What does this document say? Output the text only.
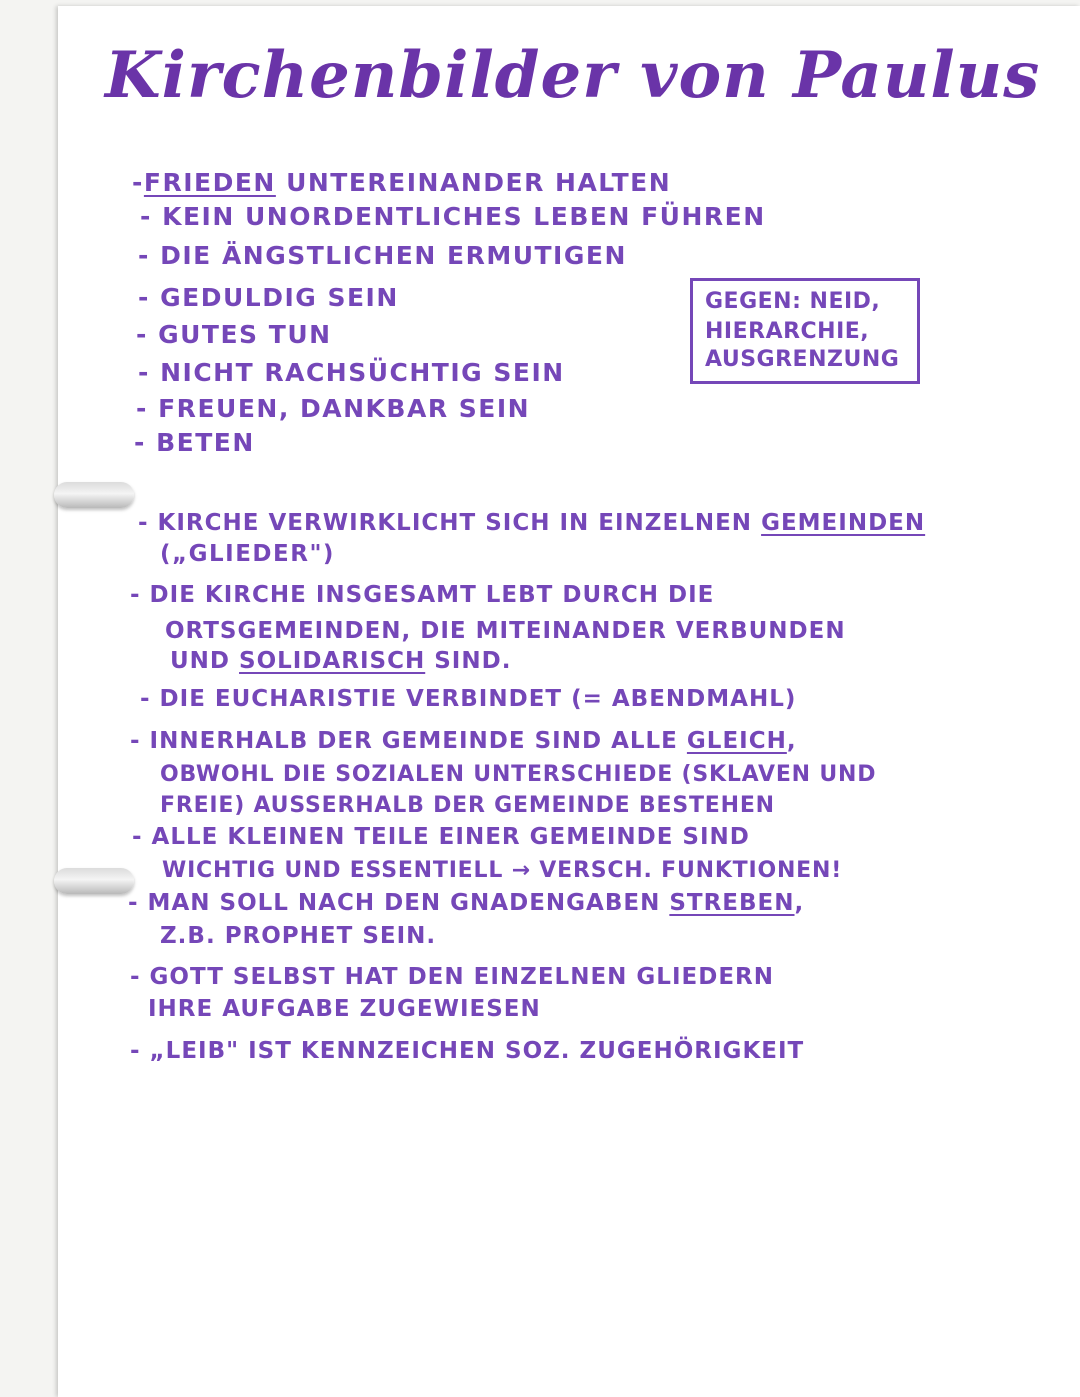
Kirchenbilder von Paulus
-FRIEDEN UNTEREINANDER HALTEN
- KEIN UNORDENTLICHES LEBEN FÜHREN
- DIE ÄNGSTLICHEN ERMUTIGEN
- GEDULDIG SEIN
- GUTES TUN
- NICHT RACHSÜCHTIG SEIN
- FREUEN, DANKBAR SEIN
- BETEN
GEGEN: NEID,
HIERARCHIE,
AUSGRENZUNG
- KIRCHE VERWIRKLICHT SICH IN EINZELNEN GEMEINDEN
(„GLIEDER")
- DIE KIRCHE INSGESAMT LEBT DURCH DIE
ORTSGEMEINDEN, DIE MITEINANDER VERBUNDEN
UND SOLIDARISCH SIND.
- DIE EUCHARISTIE VERBINDET (= ABENDMAHL)
- INNERHALB DER GEMEINDE SIND ALLE GLEICH,
OBWOHL DIE SOZIALEN UNTERSCHIEDE (SKLAVEN UND
FREIE) AUSSERHALB DER GEMEINDE BESTEHEN
- ALLE KLEINEN TEILE EINER GEMEINDE SIND
WICHTIG UND ESSENTIELL → VERSCH. FUNKTIONEN!
- MAN SOLL NACH DEN GNADENGABEN STREBEN,
Z.B. PROPHET SEIN.
- GOTT SELBST HAT DEN EINZELNEN GLIEDERN
IHRE AUFGABE ZUGEWIESEN
- „LEIB" IST KENNZEICHEN SOZ. ZUGEHÖRIGKEIT
